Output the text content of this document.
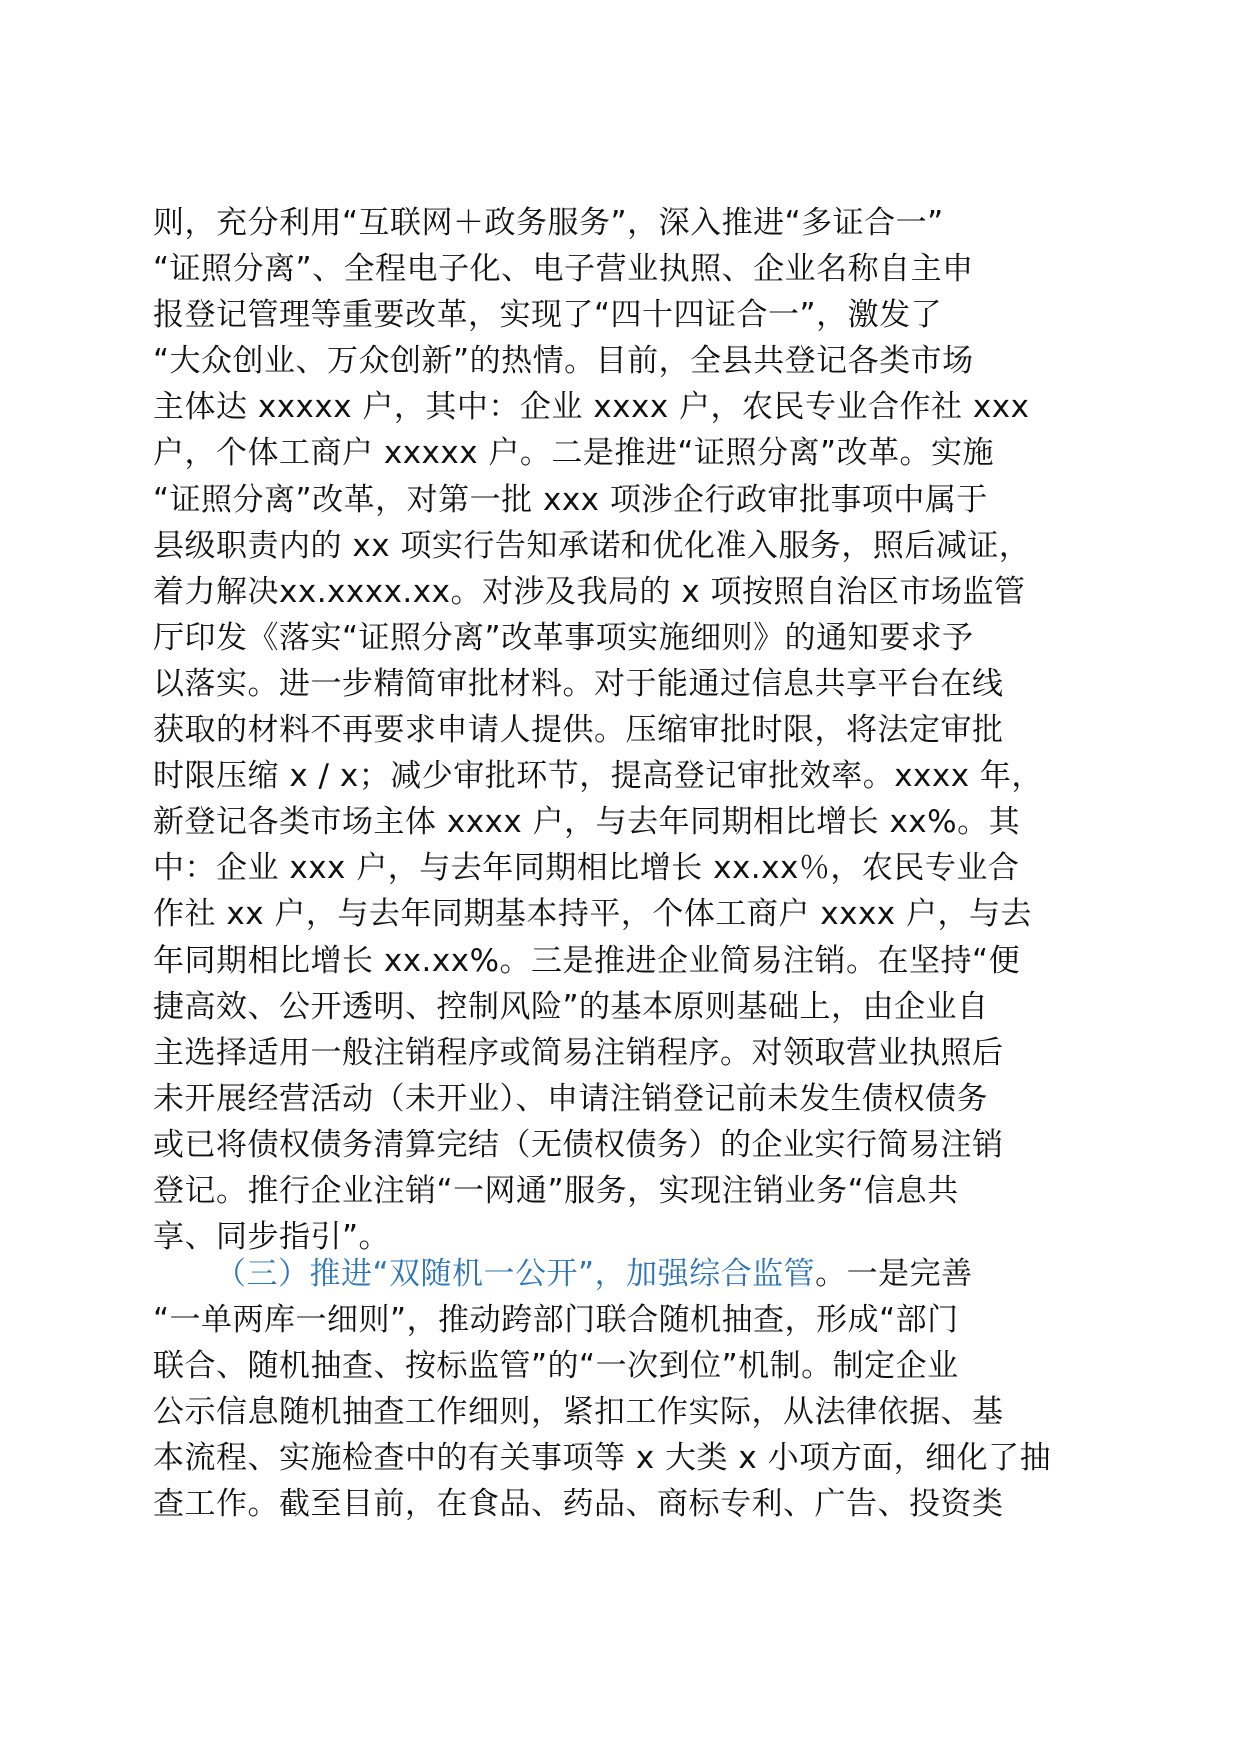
则，充分利用“互联网＋政务服务”，深入推进“多证合一”
“证照分离”、全程电子化、电子营业执照、企业名称自主申
报登记管理等重要改革，实现了“四十四证合一”，激发了
“大众创业、万众创新”的热情。目前，全县共登记各类市场
主体达 xxxxx 户，其中：企业 xxxx 户，农民专业合作社 xxx
户，个体工商户 xxxxx 户。二是推进“证照分离”改革。实施
“证照分离”改革，对第一批 xxx 项涉企行政审批事项中属于
县级职责内的 xx 项实行告知承诺和优化准入服务，照后减证，
着力解决xx.xxxx.xx。对涉及我局的 x 项按照自治区市场监管
厅印发《落实“证照分离”改革事项实施细则》的通知要求予
以落实。进一步精简审批材料。对于能通过信息共享平台在线
获取的材料不再要求申请人提供。压缩审批时限，将法定审批
时限压缩 x / x；减少审批环节，提高登记审批效率。xxxx 年，
新登记各类市场主体 xxxx 户，与去年同期相比增长 xx%。其
中：企业 xxx 户，与去年同期相比增长 xx.xx％，农民专业合
作社 xx 户，与去年同期基本持平，个体工商户 xxxx 户，与去
年同期相比增长 xx.xx%。三是推进企业简易注销。在坚持“便
捷高效、公开透明、控制风险”的基本原则基础上，由企业自
主选择适用一般注销程序或简易注销程序。对领取营业执照后
未开展经营活动（未开业）、申请注销登记前未发生债权债务
或已将债权债务清算完结（无债权债务）的企业实行简易注销
登记。推行企业注销“一网通”服务，实现注销业务“信息共
享、同步指引”。
（三）推进“双随机一公开”，加强综合监管。一是完善
“一单两库一细则”，推动跨部门联合随机抽查，形成“部门
联合、随机抽查、按标监管”的“一次到位”机制。制定企业
公示信息随机抽查工作细则，紧扣工作实际，从法律依据、基
本流程、实施检查中的有关事项等 x 大类 x 小项方面，细化了抽
查工作。截至目前，在食品、药品、商标专利、广告、投资类
